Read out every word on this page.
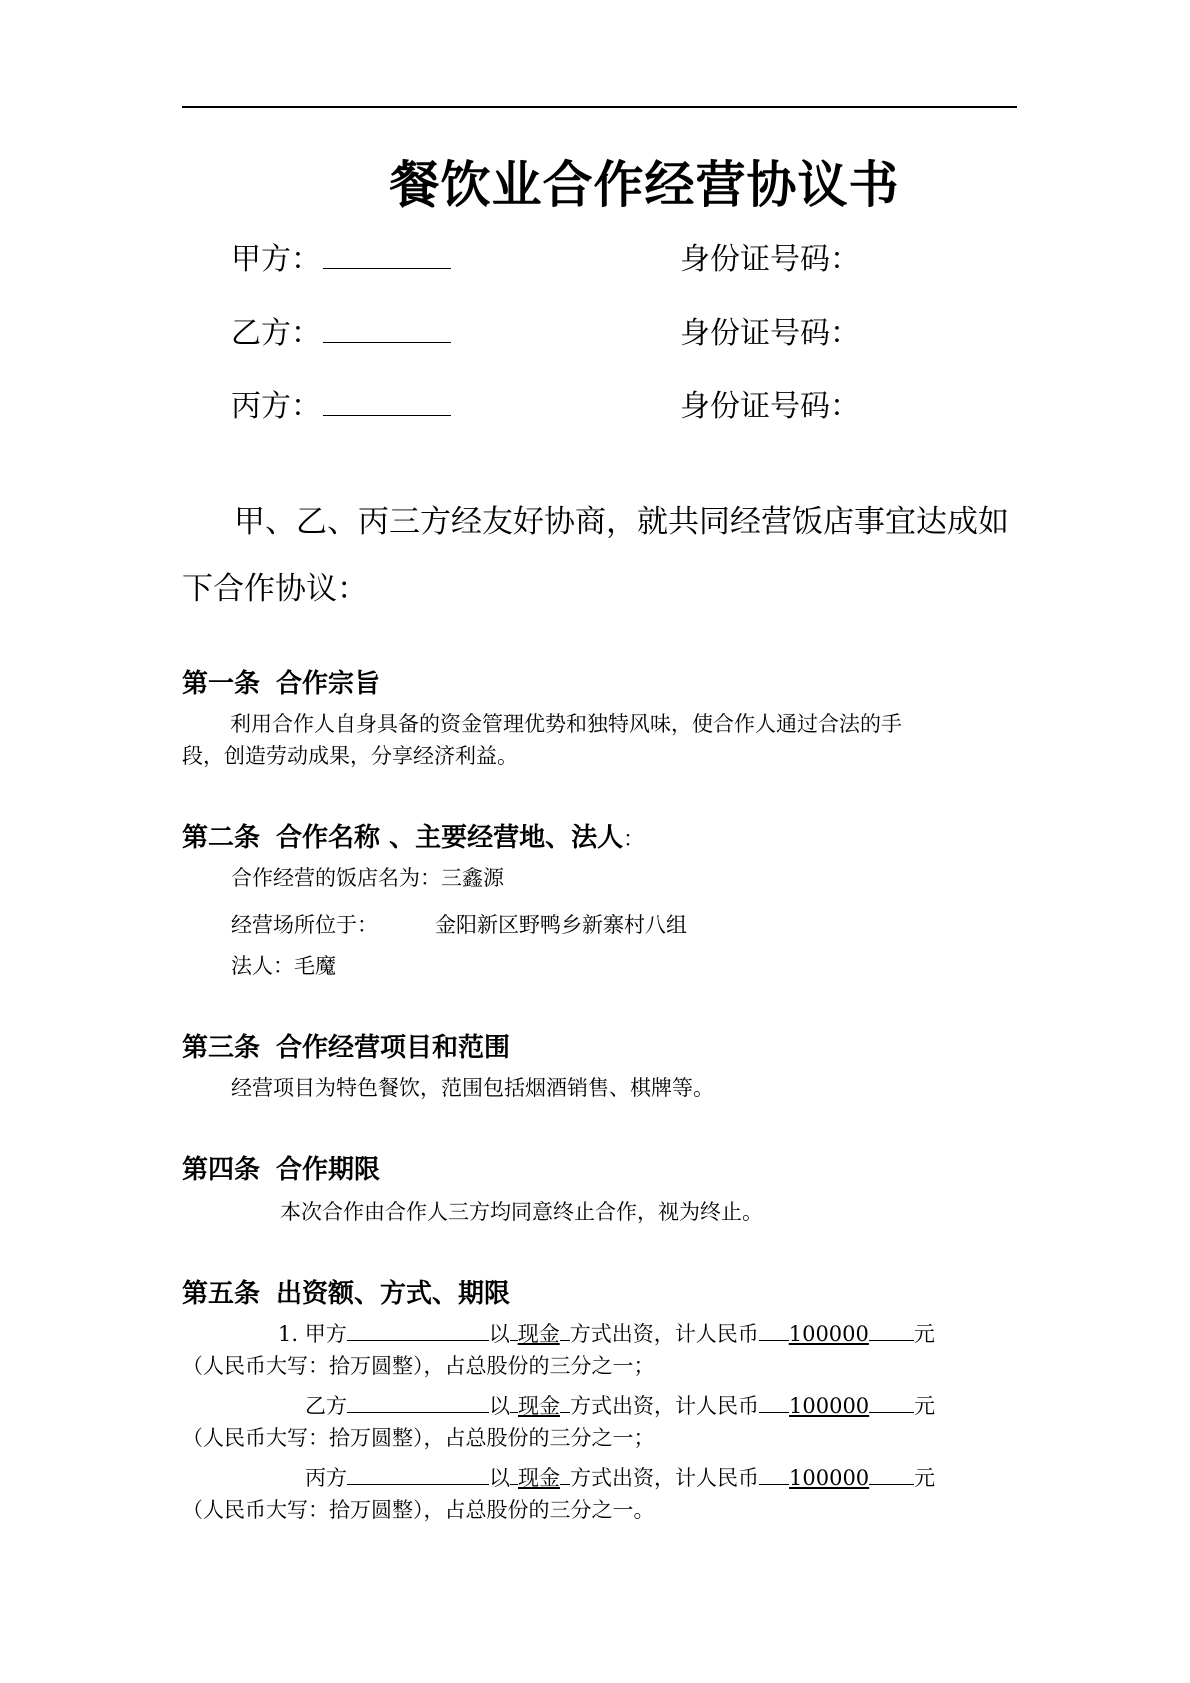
餐饮业合作经营协议书
甲方：	身份证号码：
乙方：	身份证号码：
丙方：	身份证号码：
甲、乙、丙三方经友好协商，就共同经营饭店事宜达成如
下合作协议：
第一条 合作宗旨
利用合作人自身具备的资金管理优势和独特风味，使合作人通过合法的手
段，创造劳动成果，分享经济利益。
第二条 合作名称 、主要经营地、法人：
合作经营的饭店名为：三鑫源
经营场所位于：	金阳新区野鸭乡新寨村八组
法人：毛魔
第三条 合作经营项目和范围
经营项目为特色餐饮，范围包括烟酒销售、棋牌等。
第四条 合作期限
本次合作由合作人三方均同意终止合作，视为终止。
第五条 出资额、方式、期限
1. 甲方	以 现金 方式出资，计人民币 100000 元
（人民币大写：拾万圆整），占总股份的三分之一；
乙方	以 现金 方式出资，计人民币 100000 元
（人民币大写：拾万圆整），占总股份的三分之一；
丙方	以 现金 方式出资，计人民币 100000 元
（人民币大写：拾万圆整），占总股份的三分之一。
